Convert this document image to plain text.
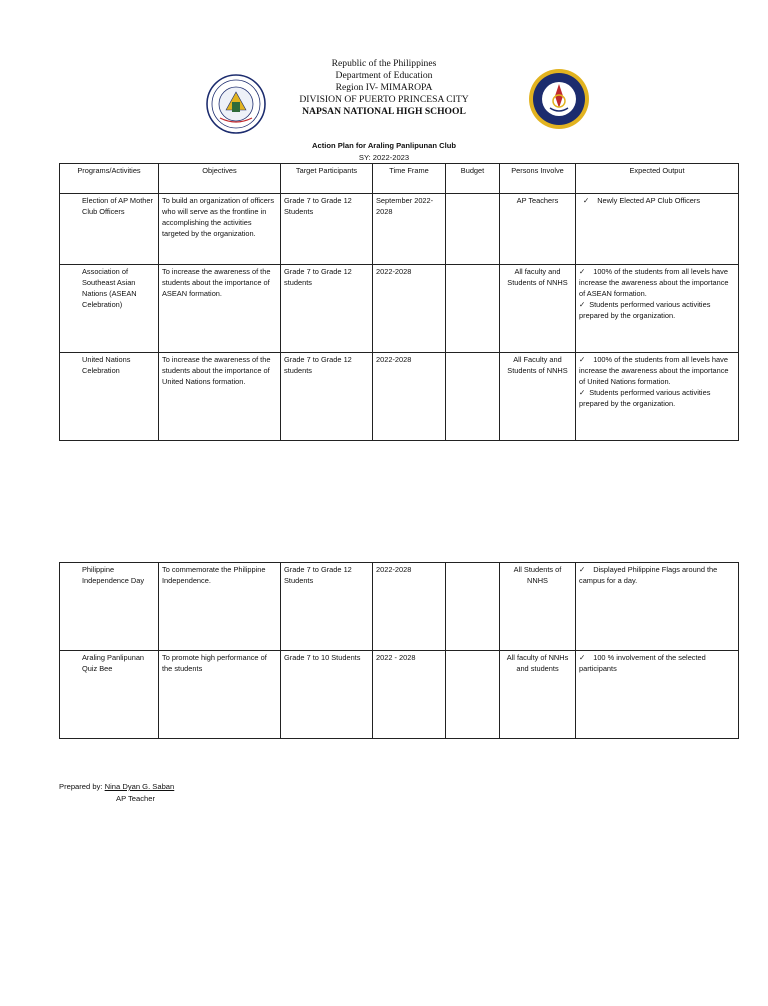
Republic of the Philippines
Department of Education
Region IV- MIMAROPA
DIVISION OF PUERTO PRINCESA CITY
NAPSAN NATIONAL HIGH SCHOOL
Action Plan for Araling Panlipunan Club
SY: 2022-2023
Programs/Activities	Objectives	Target Participants	Time Frame	Budget	Persons Involve	Expected Output
Election of AP Mother Club Officers	To build an organization of officers who will serve as the frontline in accomplishing the activities targeted by the organization.	Grade 7 to Grade 12 Students	September 2022-2028		AP Teachers	✓ Newly Elected AP Club Officers

Association of Southeast Asian Nations (ASEAN Celebration)	To increase the awareness of the students about the importance of ASEAN formation.	Grade 7 to Grade 12 students	2022-2028		All faculty and Students of NNHS	✓ 100% of the students from all levels have increase the awareness about the importance of ASEAN formation.
✓ Students performed various activities prepared by the organization.

United Nations Celebration	To increase the awareness of the students about the importance of United Nations formation.	Grade 7 to Grade 12 students	2022-2028		All Faculty and Students of NNHS	✓ 100% of the students from all levels have increase the awareness about the importance of United Nations formation.
✓ Students performed various activities prepared by the organization.
Philippine Independence Day	To commemorate the Philippine Independence.	Grade 7 to Grade 12 Students	2022-2028		All Students of NNHS	✓ Displayed Philippine Flags around the campus for a day.

Araling Panlipunan Quiz Bee	To promote high performance of the students	Grade 7 to 10 Students	2022 - 2028		All faculty of NNHs and students	✓ 100 % involvement of the selected participants
Prepared by: Nina Dyan G. Saban
AP Teacher
